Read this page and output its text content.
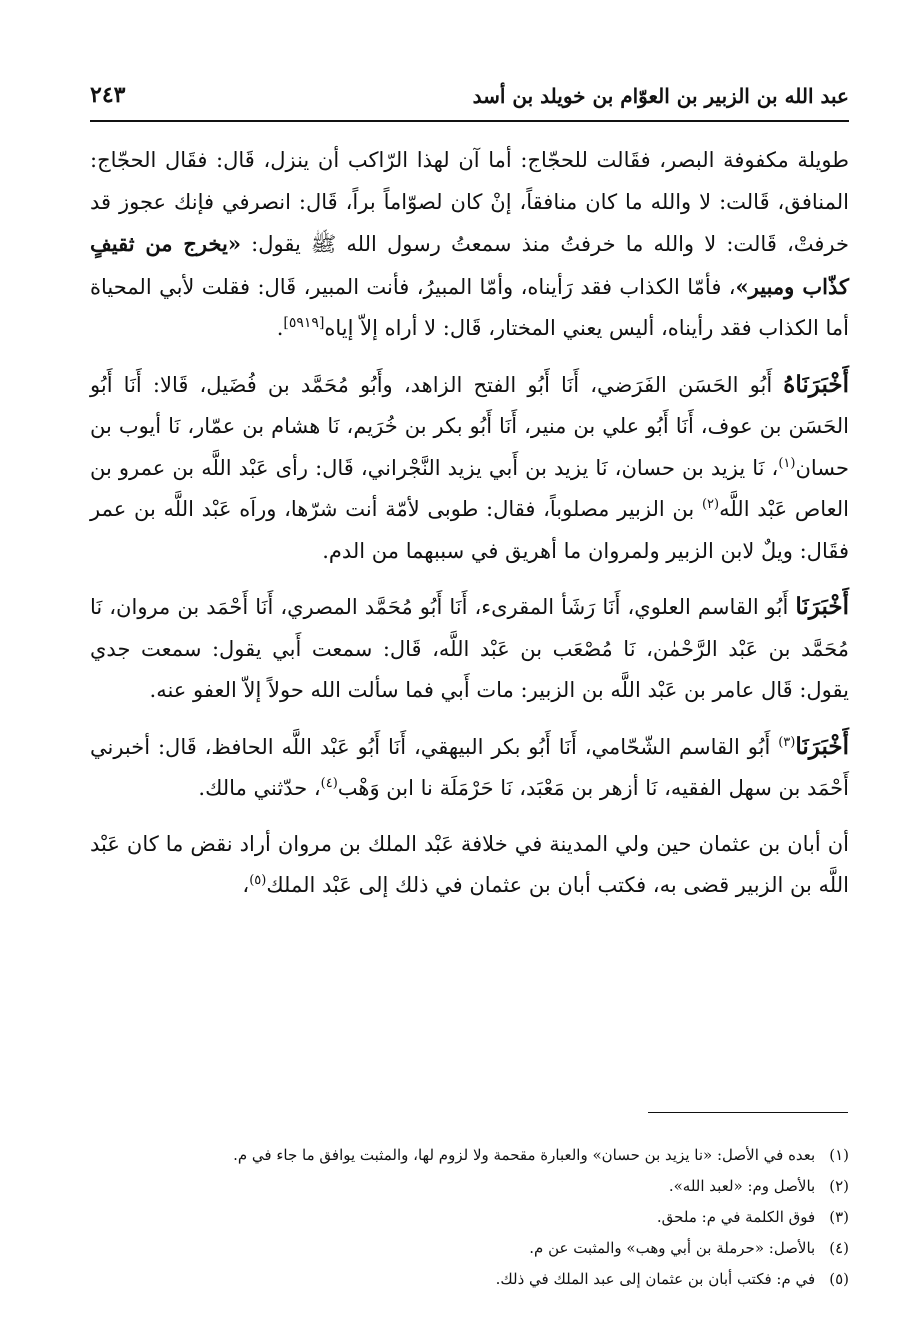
عبد الله بن الزبير بن العوّام بن خويلد بن أسد
٢٤٣

طويلة مكفوفة البصر، فقَالت للحجّاج: أما آن لهذا الرّاكب أن ينزل، قَال: فقَال الحجّاج: المنافق، قَالت: لا والله ما كان منافقاً، إنْ كان لصوّاماً براً، قَال: انصرفي فإنك عجوز قد خرفتْ، قَالت: لا والله ما خرفتُ منذ سمعتُ رسول الله ﷺ يقول: «يخرج من ثقيفٍ كذّاب ومبير»، فأمّا الكذاب فقد رَأيناه، وأمّا المبيرُ، فأنت المبير، قَال: فقلت لأبي المحياة أما الكذاب فقد رأيناه، أليس يعني المختار، قَال: لا أراه إلاّ إياه[٥٩١٩].

أَخْبَرَنَاهُ أَبُو الحَسَن الفَرَضي، أَنَا أَبُو الفتح الزاهد، وأَبُو مُحَمَّد بن فُضَيل، قَالا: أَنَا أَبُو الحَسَن بن عوف، أَنَا أَبُو علي بن منير، أَنَا أَبُو بكر بن خُرَيم، نَا هشام بن عمّار، نَا أيوب بن حسان$^{(١)}$، نَا يزيد بن حسان، نَا يزيد بن أَبي يزيد النَّجْراني، قَال: رأى عَبْد اللَّه بن عمرو بن العاص عَبْد اللَّه$^{(٢)}$ بن الزبير مصلوباً، فقال: طوبى لأمّة أنت شرّها، وراَه عَبْد اللَّه بن عمر فقَال: ويلٌ لابن الزبير ولمروان ما أهريق في سببهما من الدم.

أَخْبَرَنَا أَبُو القاسم العلوي، أَنَا رَشَأ المقرىء، أَنَا أَبُو مُحَمَّد المصري، أَنَا أَحْمَد بن مروان، نَا مُحَمَّد بن عَبْد الرَّحْمٰن، نَا مُصْعَب بن عَبْد اللَّه، قَال: سمعت أَبي يقول: سمعت جدي يقول: قَال عامر بن عَبْد اللَّه بن الزبير: مات أَبي فما سألت الله حولاً إلاّ العفو عنه.

أَخْبَرَنَا$^{(٣)}$ أَبُو القاسم الشّحّامي، أَنَا أَبُو بكر البيهقي، أَنَا أَبُو عَبْد اللَّه الحافظ، قَال: أخبرني أَحْمَد بن سهل الفقيه، نَا أزهر بن مَعْبَد، نَا حَرْمَلَة نا ابن وَهْب$^{(٤)}$، حدّثني مالك.

أن أبان بن عثمان حين ولي المدينة في خلافة عَبْد الملك بن مروان أراد نقض ما كان عَبْد اللَّه بن الزبير قضى به، فكتب أبان بن عثمان في ذلك إلى عَبْد الملك$^{(٥)}$،

(١)بعده في الأصل: «نا يزيد بن حسان» والعبارة مقحمة ولا لزوم لها، والمثبت يوافق ما جاء في م.

(٢)بالأصل وم: «لعبد الله».

(٣)فوق الكلمة في م: ملحق.

(٤)بالأصل: «حرملة بن أبي وهب» والمثبت عن م.

(٥)في م: فكتب أبان بن عثمان إلى عبد الملك في ذلك.
